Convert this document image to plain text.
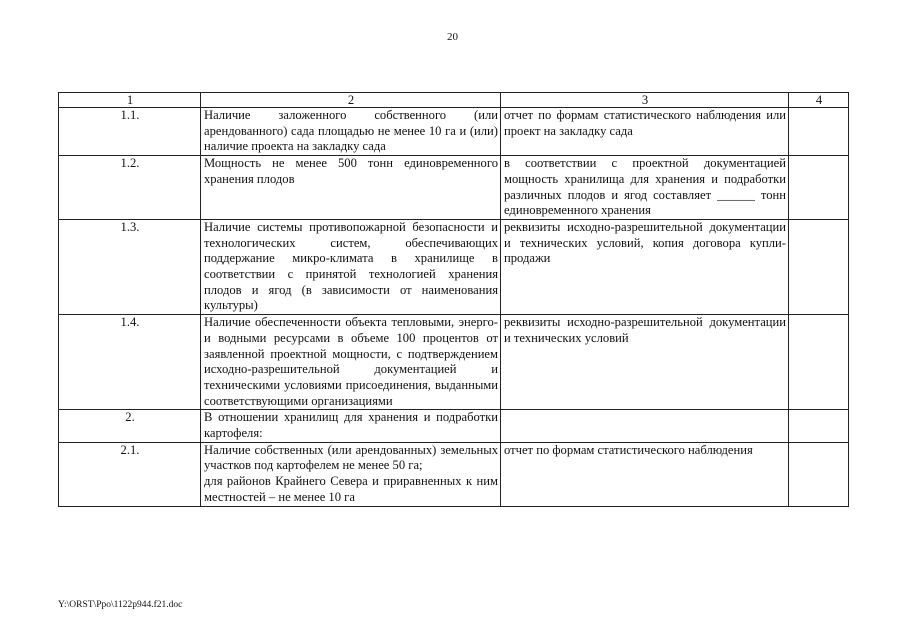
20
1	2	3	4
1.1.	Наличие заложенного собственного (или арендованного) сада площадью не менее 10 га и (или) наличие проекта на закладку сада	отчет по формам статистического наблюдения или проект на закладку сада	
1.2.	Мощность не менее 500 тонн единовременного хранения плодов	в соответствии с проектной документацией мощность хранилища для хранения и подработки различных плодов и ягод составляет ______ тонн единовременного хранения	
1.3.	Наличие системы противопожарной безопасности и технологических систем, обеспечивающих поддержание микро-климата в хранилище в соответствии с принятой технологией хранения плодов и ягод (в зависимости от наименования культуры)	реквизиты исходно-разрешительной документации и технических условий, копия договора купли-продажи	
1.4.	Наличие обеспеченности объекта тепловыми, энерго- и водными ресурсами в объеме 100 процентов от заявленной проектной мощности, с подтверждением исходно-разрешительной документацией и техническими условиями присоединения, выданными соответствующими организациями	реквизиты исходно-разрешительной документации и технических условий	
2.	В отношении хранилищ для хранения и подработки картофеля:		
2.1.	Наличие собственных (или арендованных) земельных участков под картофелем не менее 50 га;
для районов Крайнего Севера и приравненных к ним местностей – не менее 10 га	отчет по формам статистического наблюдения	
Y:\ORST\Ppo\1122p944.f21.doc
